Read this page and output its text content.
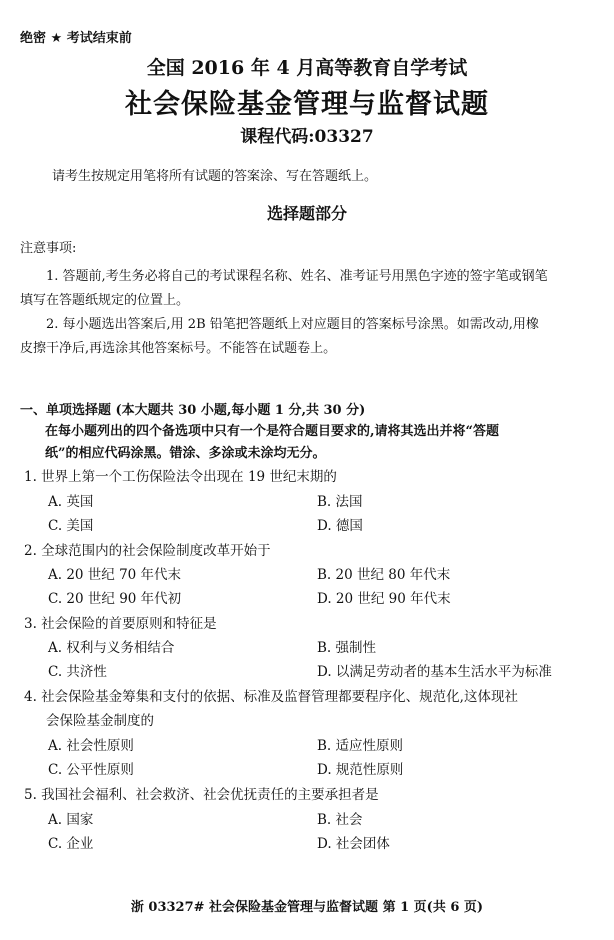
绝密 ★ 考试结束前
全国 2016 年 4 月高等教育自学考试
社会保险基金管理与监督试题
课程代码:03327
请考生按规定用笔将所有试题的答案涂、写在答题纸上。
选择题部分
注意事项:
1. 答题前,考生务必将自己的考试课程名称、姓名、准考证号用黑色字迹的签字笔或钢笔
填写在答题纸规定的位置上。
2. 每小题选出答案后,用 2B 铅笔把答题纸上对应题目的答案标号涂黑。如需改动,用橡
皮擦干净后,再选涂其他答案标号。不能答在试题卷上。
一、单项选择题 (本大题共 30 小题,每小题 1 分,共 30 分)
在每小题列出的四个备选项中只有一个是符合题目要求的,请将其选出并将“答题
纸”的相应代码涂黑。错涂、多涂或未涂均无分。
1. 世界上第一个工伤保险法令出现在 19 世纪末期的
A. 英国	B. 法国
C. 美国	D. 德国
2. 全球范围内的社会保险制度改革开始于
A. 20 世纪 70 年代末	B. 20 世纪 80 年代末
C. 20 世纪 90 年代初	D. 20 世纪 90 年代末
3. 社会保险的首要原则和特征是
A. 权利与义务相结合	B. 强制性
C. 共济性	D. 以满足劳动者的基本生活水平为标准
4. 社会保险基金筹集和支付的依据、标准及监督管理都要程序化、规范化,这体现社
会保险基金制度的
A. 社会性原则	B. 适应性原则
C. 公平性原则	D. 规范性原则
5. 我国社会福利、社会救济、社会优抚责任的主要承担者是
A. 国家	B. 社会
C. 企业	D. 社会团体
浙 03327# 社会保险基金管理与监督试题 第 1 页(共 6 页)
